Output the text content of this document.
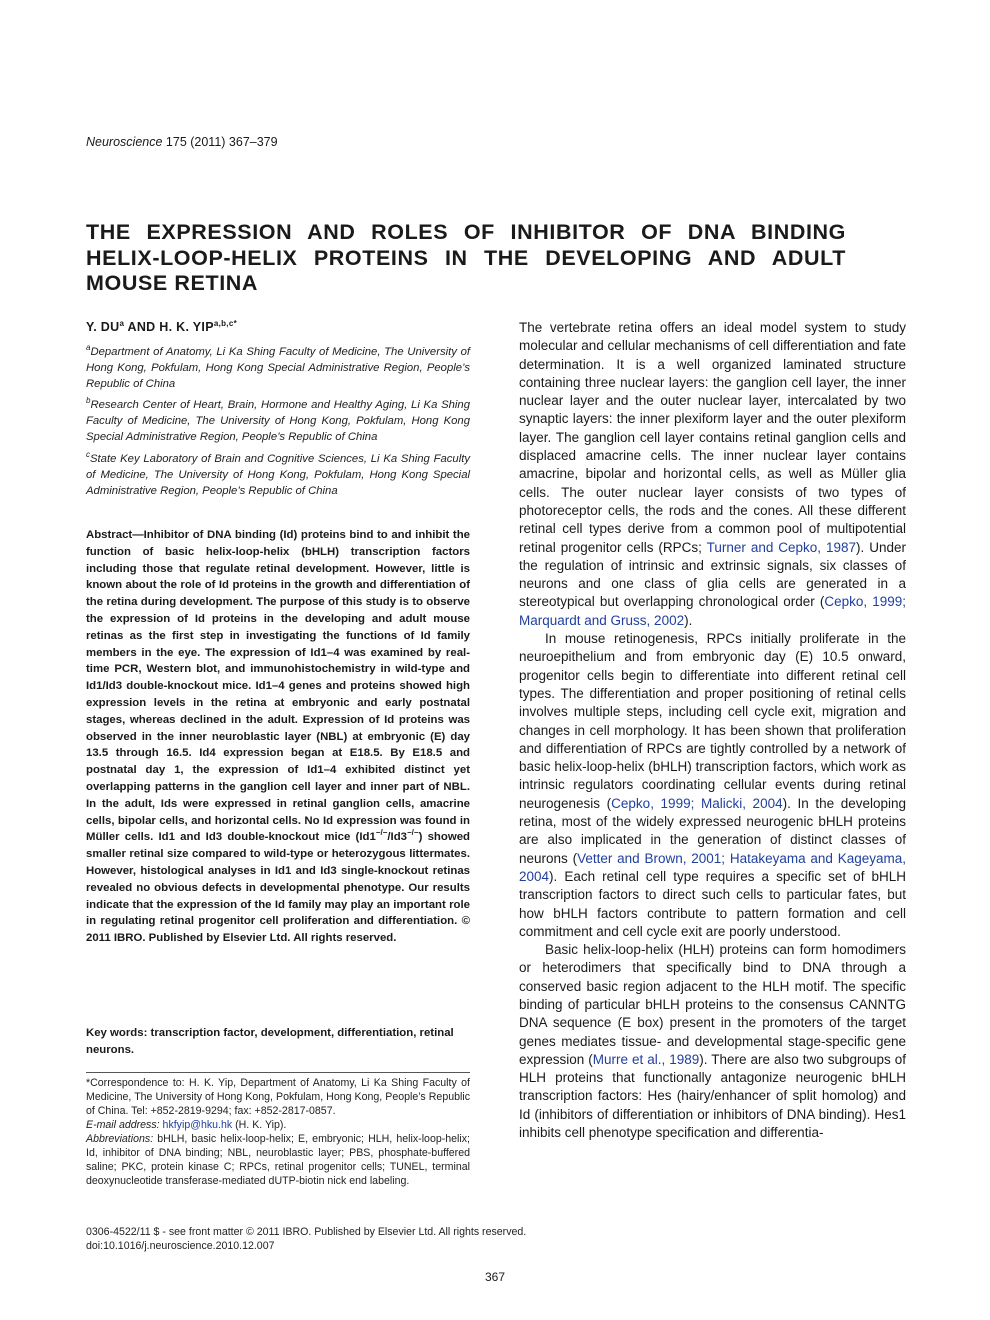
Neuroscience 175 (2011) 367–379
THE EXPRESSION AND ROLES OF INHIBITOR OF DNA BINDING
HELIX-LOOP-HELIX PROTEINS IN THE DEVELOPING AND ADULT
MOUSE RETINA
Y. $DU^a$ AND H. K. $YIP^{a,b,c*}$
$^a$Department of Anatomy, Li Ka Shing Faculty of Medicine, The University of Hong Kong, Pokfulam, Hong Kong Special Administrative Region, People’s Republic of China
$^b$Research Center of Heart, Brain, Hormone and Healthy Aging, Li Ka Shing Faculty of Medicine, The University of Hong Kong, Pokfulam, Hong Kong Special Administrative Region, People’s Republic of China
$^c$State Key Laboratory of Brain and Cognitive Sciences, Li Ka Shing Faculty of Medicine, The University of Hong Kong, Pokfulam, Hong Kong Special Administrative Region, People’s Republic of China
Abstract—Inhibitor of DNA binding (Id) proteins bind to and inhibit the function of basic helix-loop-helix (bHLH) transcription factors including those that regulate retinal development. However, little is known about the role of Id proteins in the growth and differentiation of the retina during development. The purpose of this study is to observe the expression of Id proteins in the developing and adult mouse retinas as the first step in investigating the functions of Id family members in the eye. The expression of Id1–4 was examined by real-time PCR, Western blot, and immunohistochemistry in wild-type and Id1/Id3 double-knockout mice. Id1–4 genes and proteins showed high expression levels in the retina at embryonic and early postnatal stages, whereas declined in the adult. Expression of Id proteins was observed in the inner neuroblastic layer (NBL) at embryonic (E) day 13.5 through 16.5. Id4 expression began at E18.5. By E18.5 and postnatal day 1, the expression of Id1–4 exhibited distinct yet overlapping patterns in the ganglion cell layer and inner part of NBL. In the adult, Ids were expressed in retinal ganglion cells, amacrine cells, bipolar cells, and horizontal cells. No Id expression was found in Müller cells. Id1 and Id3 double-knockout mice (Id1−/−/Id3−/−) showed smaller retinal size compared to wild-type or heterozygous littermates. However, histological analyses in Id1 and Id3 single-knockout retinas revealed no obvious defects in developmental phenotype. Our results indicate that the expression of the Id family may play an important role in regulating retinal progenitor cell proliferation and differentiation. © 2011 IBRO. Published by Elsevier Ltd. All rights reserved.
Key words: transcription factor, development, differentiation, retinal neurons.

*Correspondence to: H. K. Yip, Department of Anatomy, Li Ka Shing Faculty of Medicine, The University of Hong Kong, Pokfulam, Hong Kong, People’s Republic of China. Tel: +852-2819-9294; fax: +852-2817-0857.

E-mail address: hkfyip@hku.hk (H. K. Yip).

Abbreviations: bHLH, basic helix-loop-helix; E, embryonic; HLH, helix-loop-helix; Id, inhibitor of DNA binding; NBL, neuroblastic layer; PBS, phosphate-buffered saline; PKC, protein kinase C; RPCs, retinal progenitor cells; TUNEL, terminal deoxynucleotide transferase-mediated dUTP-biotin nick end labeling.

0306-4522/11 $ - see front matter © 2011 IBRO. Published by Elsevier Ltd. All rights reserved.
doi:10.1016/j.neuroscience.2010.12.007
367

The vertebrate retina offers an ideal model system to study molecular and cellular mechanisms of cell differentiation and fate determination. It is a well organized laminated structure containing three nuclear layers: the ganglion cell layer, the inner nuclear layer and the outer nuclear layer, intercalated by two synaptic layers: the inner plexiform layer and the outer plexiform layer. The ganglion cell layer contains retinal ganglion cells and displaced amacrine cells. The inner nuclear layer contains amacrine, bipolar and horizontal cells, as well as Müller glia cells. The outer nuclear layer consists of two types of photoreceptor cells, the rods and the cones. All these different retinal cell types derive from a common pool of multipotential retinal progenitor cells (RPCs; Turner and Cepko, 1987). Under the regulation of intrinsic and extrinsic signals, six classes of neurons and one class of glia cells are generated in a stereotypical but overlapping chronological order (Cepko, 1999; Marquardt and Gruss, 2002).

In mouse retinogenesis, RPCs initially proliferate in the neuroepithelium and from embryonic day (E) 10.5 onward, progenitor cells begin to differentiate into different retinal cell types. The differentiation and proper positioning of retinal cells involves multiple steps, including cell cycle exit, migration and changes in cell morphology. It has been shown that proliferation and differentiation of RPCs are tightly controlled by a network of basic helix-loop-helix (bHLH) transcription factors, which work as intrinsic regulators coordinating cellular events during retinal neurogenesis (Cepko, 1999; Malicki, 2004). In the developing retina, most of the widely expressed neurogenic bHLH proteins are also implicated in the generation of distinct classes of neurons (Vetter and Brown, 2001; Hatakeyama and Kageyama, 2004). Each retinal cell type requires a specific set of bHLH transcription factors to direct such cells to particular fates, but how bHLH factors contribute to pattern formation and cell commitment and cell cycle exit are poorly understood.

Basic helix-loop-helix (HLH) proteins can form homodimers or heterodimers that specifically bind to DNA through a conserved basic region adjacent to the HLH motif. The specific binding of particular bHLH proteins to the consensus CANNTG DNA sequence (E box) present in the promoters of the target genes mediates tissue- and developmental stage-specific gene expression (Murre et al., 1989). There are also two subgroups of HLH proteins that functionally antagonize neurogenic bHLH transcription factors: Hes (hairy/enhancer of split homolog) and Id (inhibitors of differentiation or inhibitors of DNA binding). Hes1 inhibits cell phenotype specification and differentia-
